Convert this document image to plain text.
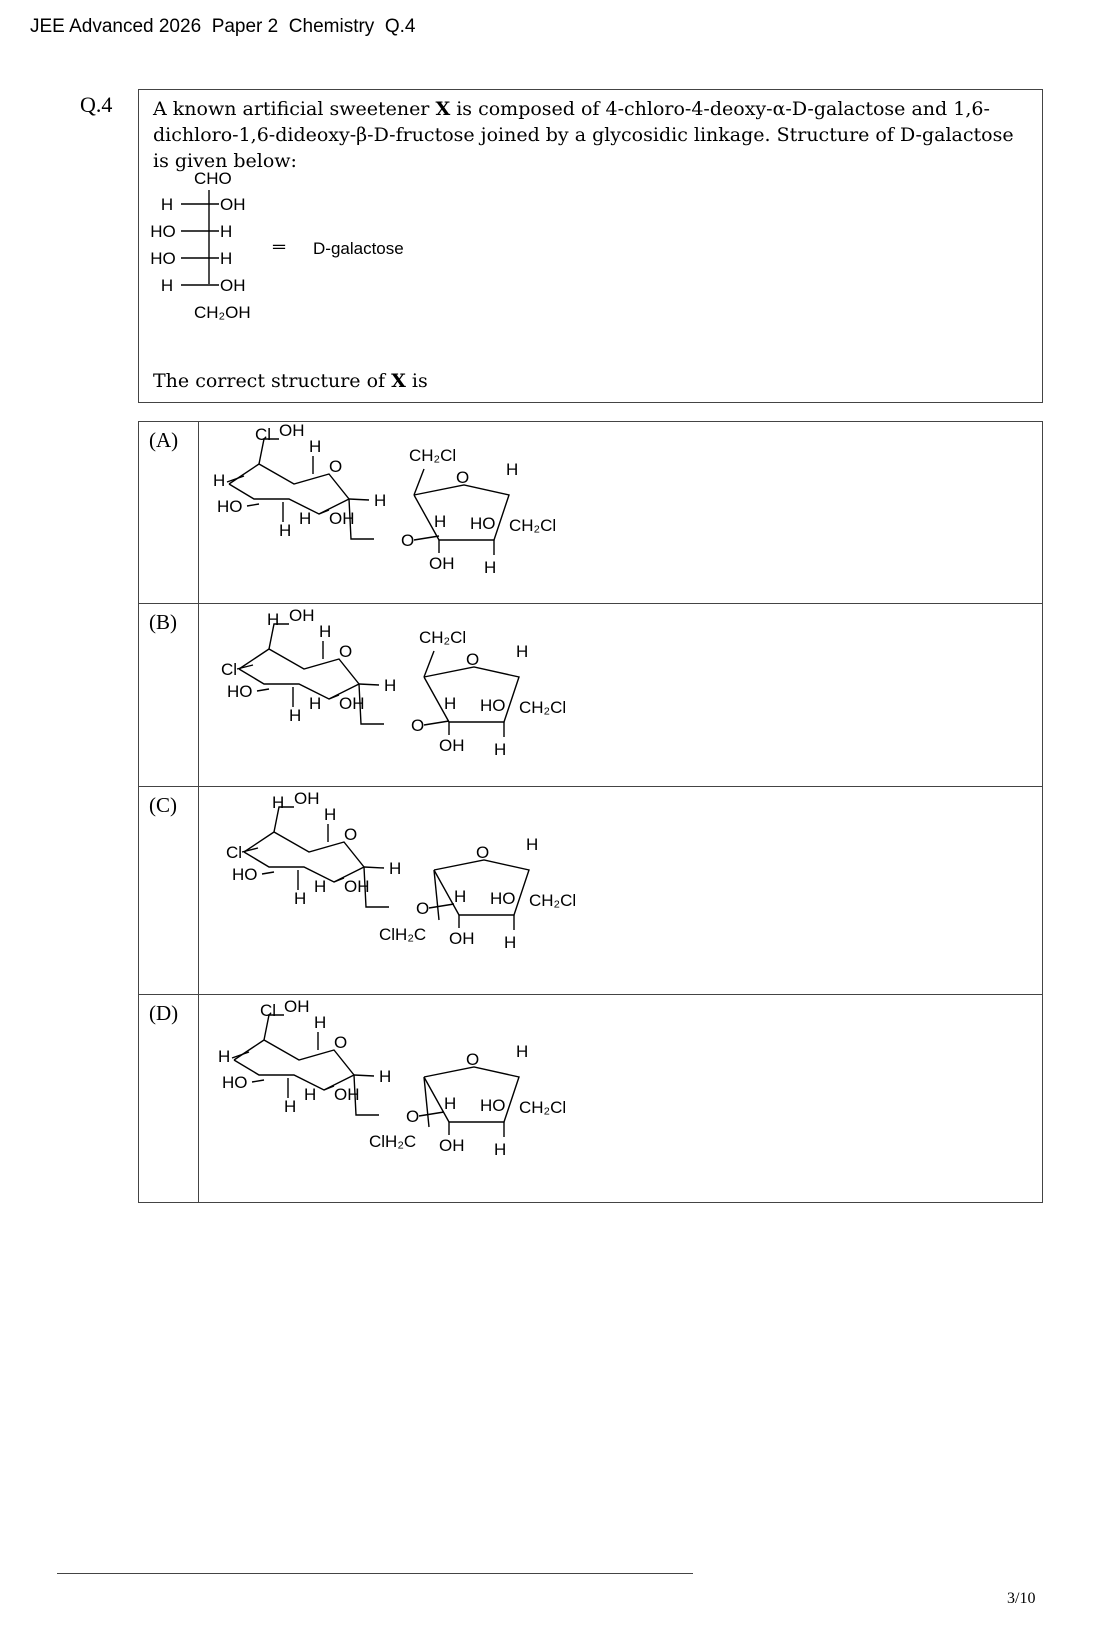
JEE Advanced 2026  Paper 2  Chemistry  Q.4
Q.4 A known artificial sweetener X is composed of 4-chloro-4-deoxy-α-D-galactose and 1,6-dichloro-1,6-dideoxy-β-D-fructose joined by a glycosidic linkage. Structure of D-galactose is given below:
CHO
H	OH
HO	H
HO	H
H	OH
CH₂OH
═ D-galactose
The correct structure of X is
(A)	OH
Cl
H
HO
H
O
H
H OH
H
O
O H
CH₂Cl
H HO
OH H
CH₂Cl
(B)	OH
H
Cl
HO
H
O
H
H OH
H
O
O H
CH₂Cl
H HO
OH H
CH₂Cl
(C)	OH
H
Cl
HO
H
O
H
H OH
H
O
O H
CH₂Cl
H HO
OH H
ClH₂C
(D)	OH
Cl
H
HO
H
O
H
H OH
H
O
O H
CH₂Cl
H HO
OH H
ClH₂C
3/10
